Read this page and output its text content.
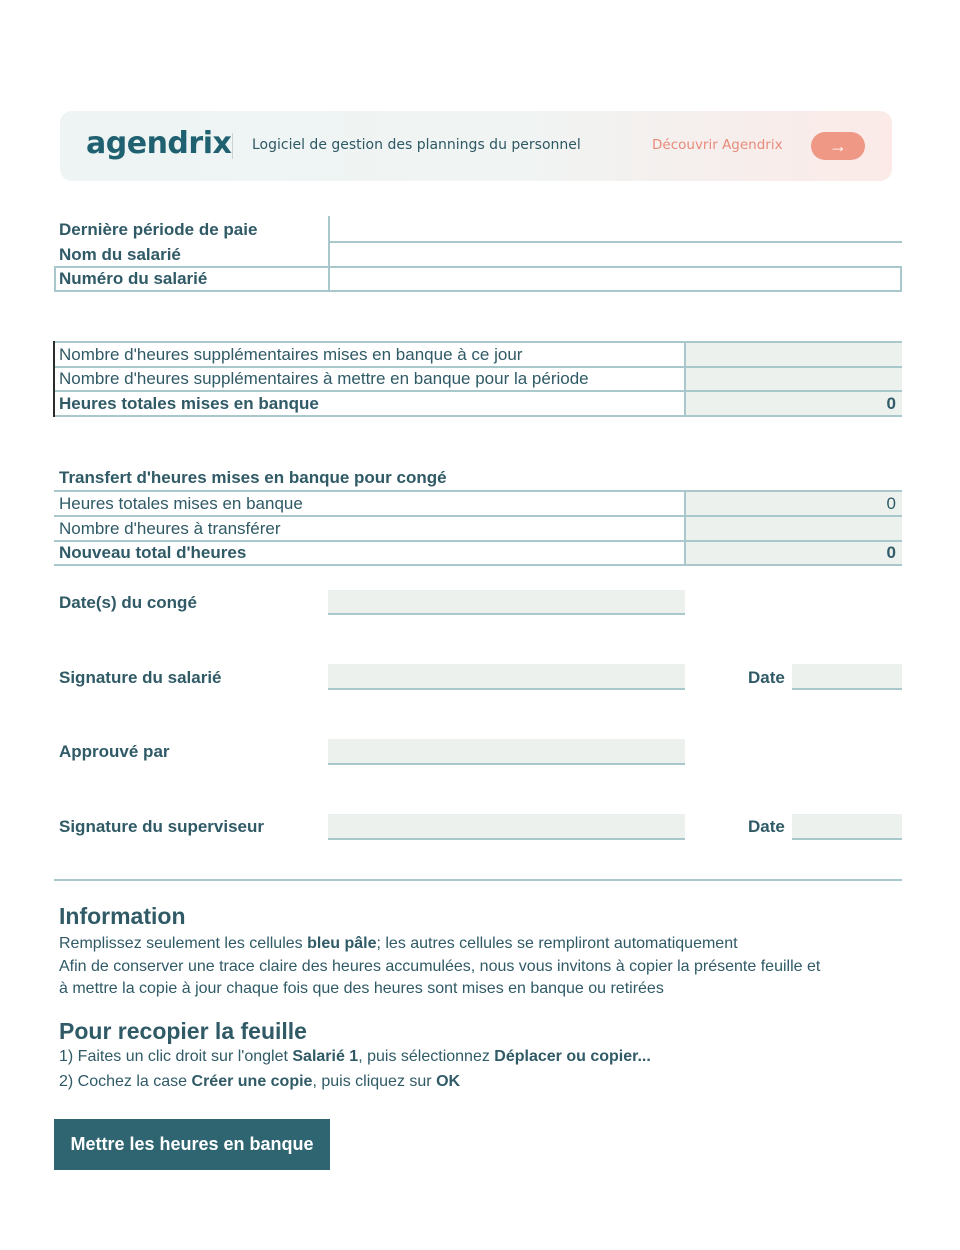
agendrix Logiciel de gestion des plannings du personnel	Découvrir Agendrix	→
Dernière période de paie
Nom du salarié
Numéro du salarié
Nombre d'heures supplémentaires mises en banque à ce jour
Nombre d'heures supplémentaires à mettre en banque pour la période
Heures totales mises en banque	0
Transfert d'heures mises en banque pour congé
Heures totales mises en banque	0
Nombre d'heures à transférer
Nouveau total d'heures	0
Date(s) du congé
Signature du salarié	Date
Approuvé par
Signature du superviseur	Date
Information
Remplissez seulement les cellules bleu pâle; les autres cellules se rempliront automatiquement
Afin de conserver une trace claire des heures accumulées, nous vous invitons à copier la présente feuille et
à mettre la copie à jour chaque fois que des heures sont mises en banque ou retirées
Pour recopier la feuille
1) Faites un clic droit sur l'onglet Salarié 1, puis sélectionnez Déplacer ou copier...
2) Cochez la case Créer une copie, puis cliquez sur OK
Mettre les heures en banque
